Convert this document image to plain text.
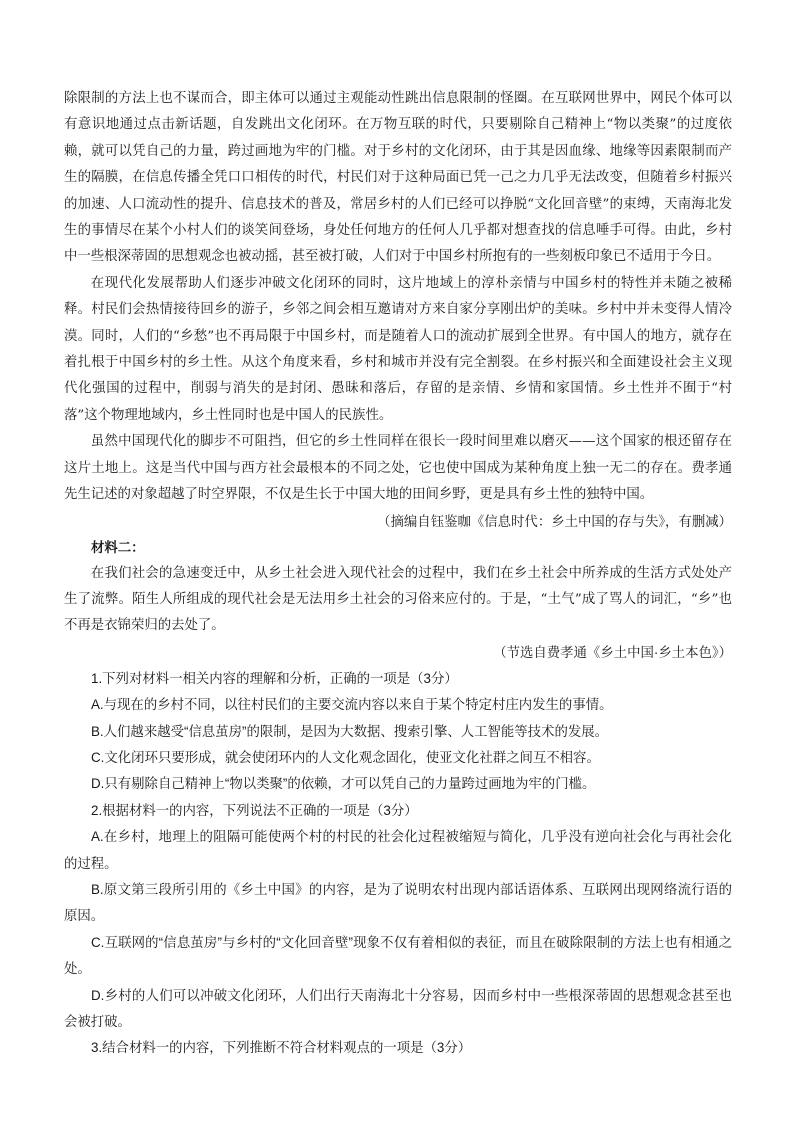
除限制的方法上也不谋而合，即主体可以通过主观能动性跳出信息限制的怪圈。在互联网世界中，网民个体可以有意识地通过点击新话题，自发跳出文化闭环。在万物互联的时代，只要剔除自己精神上“物以类聚”的过度依赖，就可以凭自己的力量，跨过画地为牢的门槛。对于乡村的文化闭环，由于其是因血缘、地缘等因素限制而产生的隔膜，在信息传播全凭口口相传的时代，村民们对于这种局面已凭一己之力几乎无法改变，但随着乡村振兴的加速、人口流动性的提升、信息技术的普及，常居乡村的人们已经可以挣脱“文化回音壁”的束缚，天南海北发生的事情尽在某个小村人们的谈笑间登场，身处任何地方的任何人几乎都对想查找的信息唾手可得。由此，乡村中一些根深蒂固的思想观念也被动摇，甚至被打破，人们对于中国乡村所抱有的一些刻板印象已不适用于今日。

在现代化发展帮助人们逐步冲破文化闭环的同时，这片地域上的淳朴亲情与中国乡村的特性并未随之被稀释。村民们会热情接待回乡的游子，乡邻之间会相互邀请对方来自家分享刚出炉的美味。乡村中并未变得人情冷漠。同时，人们的“乡愁”也不再局限于中国乡村，而是随着人口的流动扩展到全世界。有中国人的地方，就存在着扎根于中国乡村的乡土性。从这个角度来看，乡村和城市并没有完全割裂。在乡村振兴和全面建设社会主义现代化强国的过程中，削弱与消失的是封闭、愚昧和落后，存留的是亲情、乡情和家国情。乡土性并不囿于“村落”这个物理地域内，乡土性同时也是中国人的民族性。

虽然中国现代化的脚步不可阻挡，但它的乡土性同样在很长一段时间里难以磨灭——这个国家的根还留存在这片土地上。这是当代中国与西方社会最根本的不同之处，它也使中国成为某种角度上独一无二的存在。费孝通先生记述的对象超越了时空界限，不仅是生长于中国大地的田间乡野，更是具有乡土性的独特中国。

（摘编自钰鉴咖《信息时代：乡土中国的存与失》，有删减）

材料二：

在我们社会的急速变迁中，从乡土社会进入现代社会的过程中，我们在乡土社会中所养成的生活方式处处产生了流弊。陌生人所组成的现代社会是无法用乡土社会的习俗来应付的。于是，“土气”成了骂人的词汇，“乡”也不再是衣锦荣归的去处了。

（节选自费孝通《乡土中国·乡土本色》）

1.下列对材料一相关内容的理解和分析，正确的一项是（3分）

A.与现在的乡村不同，以往村民们的主要交流内容以来自于某个特定村庄内发生的事情。

B.人们越来越受“信息茧房”的限制，是因为大数据、搜索引擎、人工智能等技术的发展。

C.文化闭环只要形成，就会使闭环内的人文化观念固化，使亚文化社群之间互不相容。

D.只有剔除自己精神上“物以类聚”的依赖，才可以凭自己的力量跨过画地为牢的门槛。

2.根据材料一的内容，下列说法不正确的一项是（3分）

A.在乡村，地理上的阻隔可能使两个村的村民的社会化过程被缩短与简化，几乎没有逆向社会化与再社会化的过程。

B.原文第三段所引用的《乡土中国》的内容，是为了说明农村出现内部话语体系、互联网出现网络流行语的原因。

C.互联网的“信息茧房”与乡村的“文化回音壁”现象不仅有着相似的表征，而且在破除限制的方法上也有相通之处。

D.乡村的人们可以冲破文化闭环，人们出行天南海北十分容易，因而乡村中一些根深蒂固的思想观念甚至也会被打破。

3.结合材料一的内容，下列推断不符合材料观点的一项是（3分）
